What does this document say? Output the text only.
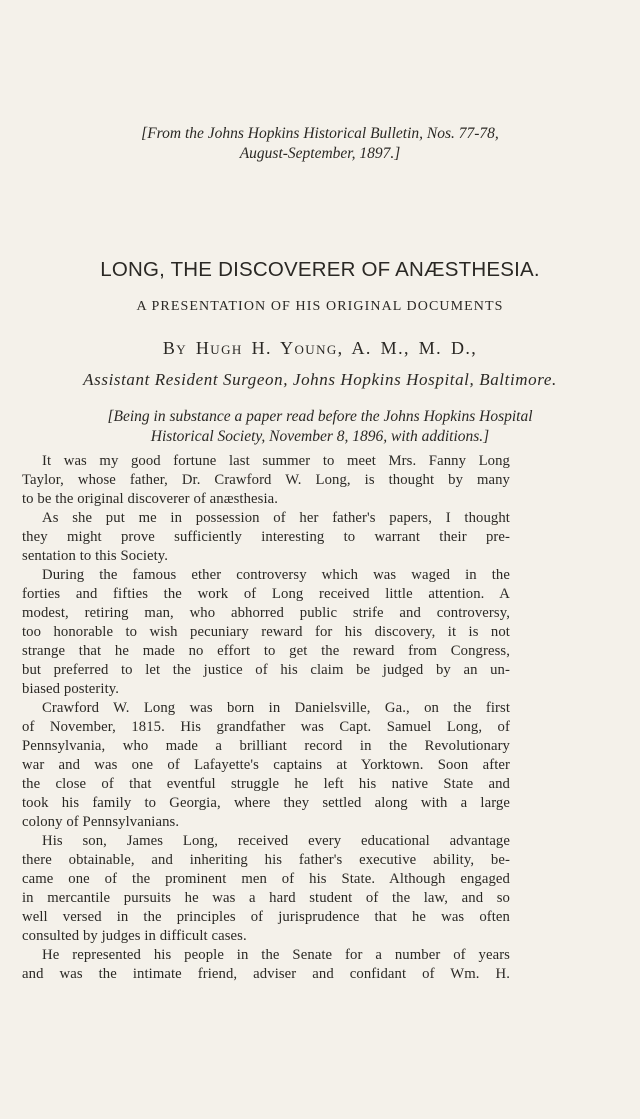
[From the Johns Hopkins Historical Bulletin, Nos. 77-78,
August-September, 1897.]
LONG, THE DISCOVERER OF ANÆSTHESIA.
A PRESENTATION OF HIS ORIGINAL DOCUMENTS
By Hugh H. Young, A. M., M. D.,
Assistant Resident Surgeon, Johns Hopkins Hospital, Baltimore.
[Being in substance a paper read before the Johns Hopkins Hospital
Historical Society, November 8, 1896, with additions.]
It was my good fortune last summer to meet Mrs. Fanny Long
Taylor, whose father, Dr. Crawford W. Long, is thought by many
to be the original discoverer of anæsthesia.
As she put me in possession of her father's papers, I thought
they might prove sufficiently interesting to warrant their pre-
sentation to this Society.
During the famous ether controversy which was waged in the
forties and fifties the work of Long received little attention. A
modest, retiring man, who abhorred public strife and controversy,
too honorable to wish pecuniary reward for his discovery, it is not
strange that he made no effort to get the reward from Congress,
but preferred to let the justice of his claim be judged by an un-
biased posterity.
Crawford W. Long was born in Danielsville, Ga., on the first
of November, 1815. His grandfather was Capt. Samuel Long, of
Pennsylvania, who made a brilliant record in the Revolutionary
war and was one of Lafayette's captains at Yorktown. Soon after
the close of that eventful struggle he left his native State and
took his family to Georgia, where they settled along with a large
colony of Pennsylvanians.
His son, James Long, received every educational advantage
there obtainable, and inheriting his father's executive ability, be-
came one of the prominent men of his State. Although engaged
in mercantile pursuits he was a hard student of the law, and so
well versed in the principles of jurisprudence that he was often
consulted by judges in difficult cases.
He represented his people in the Senate for a number of years
and was the intimate friend, adviser and confidant of Wm. H.
